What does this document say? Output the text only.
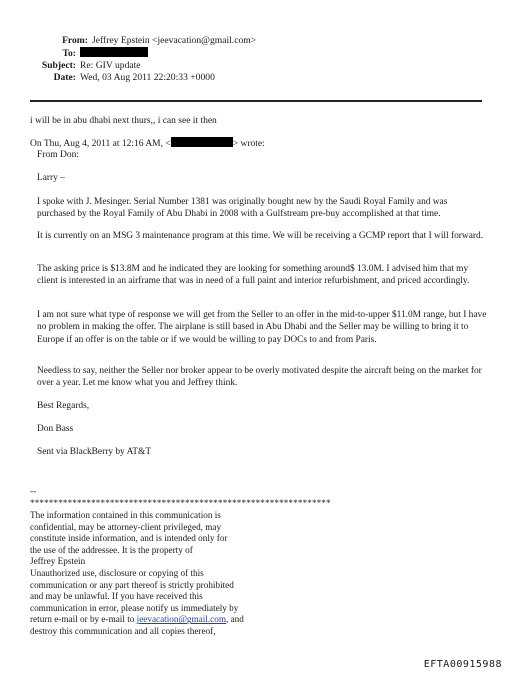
From: Jeffrey Epstein <jeevacation@gmail.com>
To:
Subject: Re: GIV update
Date: Wed, 03 Aug 2011 22:20:33 +0000

i will be in abu dhabi next thurs,, i can see it then

On Thu, Aug 4, 2011 at 12:16 AM, <	> wrote:

From Don:

Larry –

I spoke with J. Mesinger. Serial Number 1381 was originally bought new by the Saudi Royal Family and was purchased by the Royal Family of Abu Dhabi in 2008 with a Gulfstream pre-buy accomplished at that time.

It is currently on an MSG 3 maintenance program at this time. We will be receiving a GCMP report that I will forward.

The asking price is $13.8M and he indicated they are looking for something around$ 13.0M. I advised him that my client is interested in an airframe that was in need of a full paint and interior refurbishment, and priced accordingly.

I am not sure what type of response we will get from the Seller to an offer in the mid-to-upper $11.0M range, but I have no problem in making the offer. The airplane is still based in Abu Dhabi and the Seller may be willing to bring it to Europe if an offer is on the table or if we would be willing to pay DOCs to and from Paris.

Needless to say, neither the Seller nor broker appear to be overly motivated despite the aircraft being on the market for over a year. Let me know what you and Jeffrey think.

Best Regards,

Don Bass

Sent via BlackBerry by AT&T

--

****************************************************************
The information contained in this communication is
confidential, may be attorney-client privileged, may
constitute inside information, and is intended only for
the use of the addressee. It is the property of
Jeffrey Epstein
Unauthorized use, disclosure or copying of this
communication or any part thereof is strictly prohibited
and may be unlawful. If you have received this
communication in error, please notify us immediately by
return e-mail or by e-mail to jeevacation@gmail.com, and
destroy this communication and all copies thereof,
EFTA00915988
